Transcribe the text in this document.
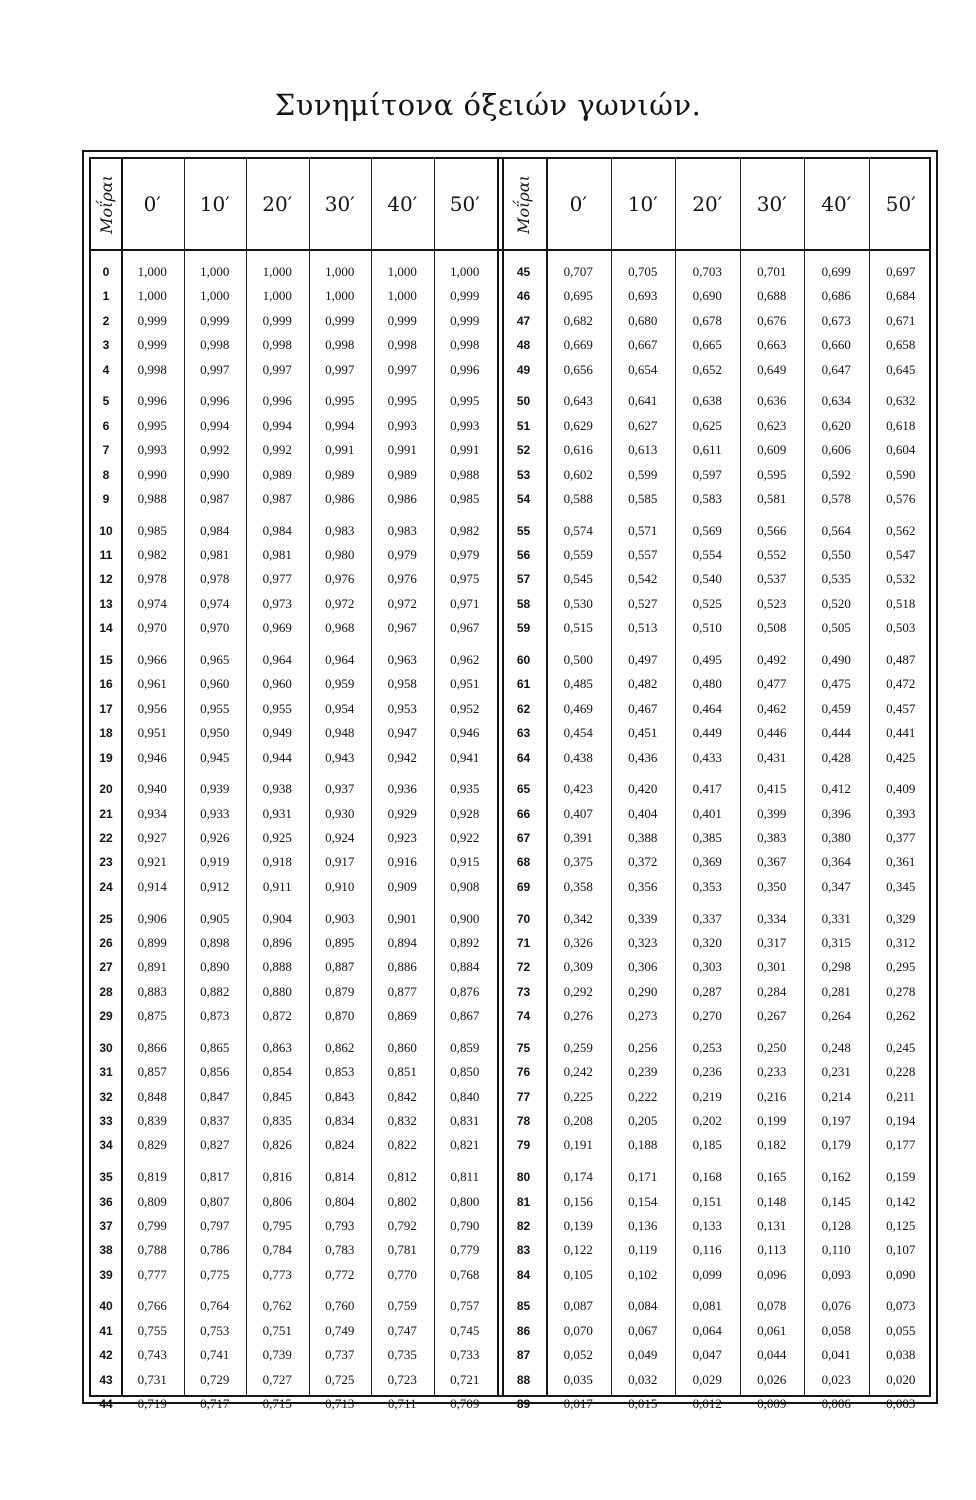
Συνημίτονα όξειών γωνιών.
Μοΐραι	0′	10′	20′	30′	40′	50′
0	1,000	1,000	1,000	1,000	1,000	1,000
1	1,000	1,000	1,000	1,000	1,000	0,999
2	0,999	0,999	0,999	0,999	0,999	0,999
3	0,999	0,998	0,998	0,998	0,998	0,998
4	0,998	0,997	0,997	0,997	0,997	0,996
5	0,996	0,996	0,996	0,995	0,995	0,995
6	0,995	0,994	0,994	0,994	0,993	0,993
7	0,993	0,992	0,992	0,991	0,991	0,991
8	0,990	0,990	0,989	0,989	0,989	0,988
9	0,988	0,987	0,987	0,986	0,986	0,985
10	0,985	0,984	0,984	0,983	0,983	0,982
11	0,982	0,981	0,981	0,980	0,979	0,979
12	0,978	0,978	0,977	0,976	0,976	0,975
13	0,974	0,974	0,973	0,972	0,972	0,971
14	0,970	0,970	0,969	0,968	0,967	0,967
15	0,966	0,965	0,964	0,964	0,963	0,962
16	0,961	0,960	0,960	0,959	0,958	0,951
17	0,956	0,955	0,955	0,954	0,953	0,952
18	0,951	0,950	0,949	0,948	0,947	0,946
19	0,946	0,945	0,944	0,943	0,942	0,941
20	0,940	0,939	0,938	0,937	0,936	0,935
21	0,934	0,933	0,931	0,930	0,929	0,928
22	0,927	0,926	0,925	0,924	0,923	0,922
23	0,921	0,919	0,918	0,917	0,916	0,915
24	0,914	0,912	0,911	0,910	0,909	0,908
25	0,906	0,905	0,904	0,903	0,901	0,900
26	0,899	0,898	0,896	0,895	0,894	0,892
27	0,891	0,890	0,888	0,887	0,886	0,884
28	0,883	0,882	0,880	0,879	0,877	0,876
29	0,875	0,873	0,872	0,870	0,869	0,867
30	0,866	0,865	0,863	0,862	0,860	0,859
31	0,857	0,856	0,854	0,853	0,851	0,850
32	0,848	0,847	0,845	0,843	0,842	0,840
33	0,839	0,837	0,835	0,834	0,832	0,831
34	0,829	0,827	0,826	0,824	0,822	0,821
35	0,819	0,817	0,816	0,814	0,812	0,811
36	0,809	0,807	0,806	0,804	0,802	0,800
37	0,799	0,797	0,795	0,793	0,792	0,790
38	0,788	0,786	0,784	0,783	0,781	0,779
39	0,777	0,775	0,773	0,772	0,770	0,768
40	0,766	0,764	0,762	0,760	0,759	0,757
41	0,755	0,753	0,751	0,749	0,747	0,745
42	0,743	0,741	0,739	0,737	0,735	0,733
43	0,731	0,729	0,727	0,725	0,723	0,721
44	0,719	0,717	0,715	0,713	0,711	0,709
Μοΐραι	0′	10′	20′	30′	40′	50′
45	0,707	0,705	0,703	0,701	0,699	0,697
46	0,695	0,693	0,690	0,688	0,686	0,684
47	0,682	0,680	0,678	0,676	0,673	0,671
48	0,669	0,667	0,665	0,663	0,660	0,658
49	0,656	0,654	0,652	0,649	0,647	0,645
50	0,643	0,641	0,638	0,636	0,634	0,632
51	0,629	0,627	0,625	0,623	0,620	0,618
52	0,616	0,613	0,611	0,609	0,606	0,604
53	0,602	0,599	0,597	0,595	0,592	0,590
54	0,588	0,585	0,583	0,581	0,578	0,576
55	0,574	0,571	0,569	0,566	0,564	0,562
56	0,559	0,557	0,554	0,552	0,550	0,547
57	0,545	0,542	0,540	0,537	0,535	0,532
58	0,530	0,527	0,525	0,523	0,520	0,518
59	0,515	0,513	0,510	0,508	0,505	0,503
60	0,500	0,497	0,495	0,492	0,490	0,487
61	0,485	0,482	0,480	0,477	0,475	0,472
62	0,469	0,467	0,464	0,462	0,459	0,457
63	0,454	0,451	0,449	0,446	0,444	0,441
64	0,438	0,436	0,433	0,431	0,428	0,425
65	0,423	0,420	0,417	0,415	0,412	0,409
66	0,407	0,404	0,401	0,399	0,396	0,393
67	0,391	0,388	0,385	0,383	0,380	0,377
68	0,375	0,372	0,369	0,367	0,364	0,361
69	0,358	0,356	0,353	0,350	0,347	0,345
70	0,342	0,339	0,337	0,334	0,331	0,329
71	0,326	0,323	0,320	0,317	0,315	0,312
72	0,309	0,306	0,303	0,301	0,298	0,295
73	0,292	0,290	0,287	0,284	0,281	0,278
74	0,276	0,273	0,270	0,267	0,264	0,262
75	0,259	0,256	0,253	0,250	0,248	0,245
76	0,242	0,239	0,236	0,233	0,231	0,228
77	0,225	0,222	0,219	0,216	0,214	0,211
78	0,208	0,205	0,202	0,199	0,197	0,194
79	0,191	0,188	0,185	0,182	0,179	0,177
80	0,174	0,171	0,168	0,165	0,162	0,159
81	0,156	0,154	0,151	0,148	0,145	0,142
82	0,139	0,136	0,133	0,131	0,128	0,125
83	0,122	0,119	0,116	0,113	0,110	0,107
84	0,105	0,102	0,099	0,096	0,093	0,090
85	0,087	0,084	0,081	0,078	0,076	0,073
86	0,070	0,067	0,064	0,061	0,058	0,055
87	0,052	0,049	0,047	0,044	0,041	0,038
88	0,035	0,032	0,029	0,026	0,023	0,020
89	0,017	0,015	0,012	0,009	0,006	0,003
